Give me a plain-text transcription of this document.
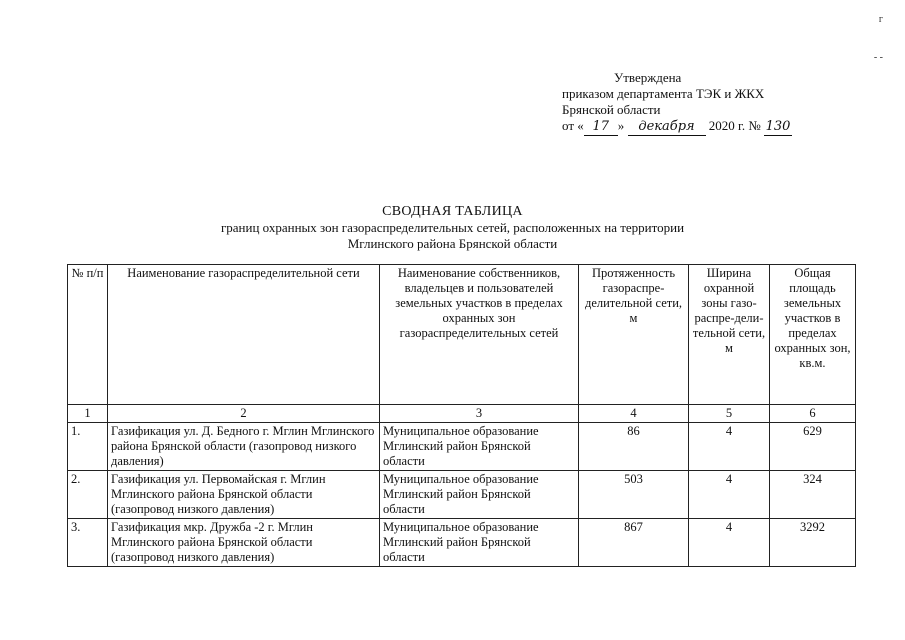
г
- -
Утверждена
приказом департамента ТЭК и ЖКХ
Брянской области
от « 17 » декабря 2020 г. № 130
СВОДНАЯ ТАБЛИЦА
границ охранных зон газораспределительных сетей, расположенных на территории
Мглинского района Брянской области
№ п/п	Наименование газораспределительной сети	Наименование собственников, владельцев и пользователей земельных участков в пределах охранных зон газораспределительных сетей	Протяженность газораспре-делительной сети, м	Ширина охранной зоны газо-распре-дели-тельной сети, м	Общая площадь земельных участков в пределах охранных зон, кв.м.
1	2	3	4	5	6
1.	Газификация ул. Д. Бедного г. Мглин Мглинского района Брянской области (газопровод низкого давления)	Муниципальное образование Мглинский район Брянской области	86	4	629
2.	Газификация ул. Первомайская г. Мглин Мглинского района Брянской области (газопровод низкого давления)	Муниципальное образование Мглинский район Брянской области	503	4	324
3.	Газификация мкр. Дружба -2 г. Мглин Мглинского района Брянской области (газопровод низкого давления)	Муниципальное образование Мглинский район Брянской области	867	4	3292
